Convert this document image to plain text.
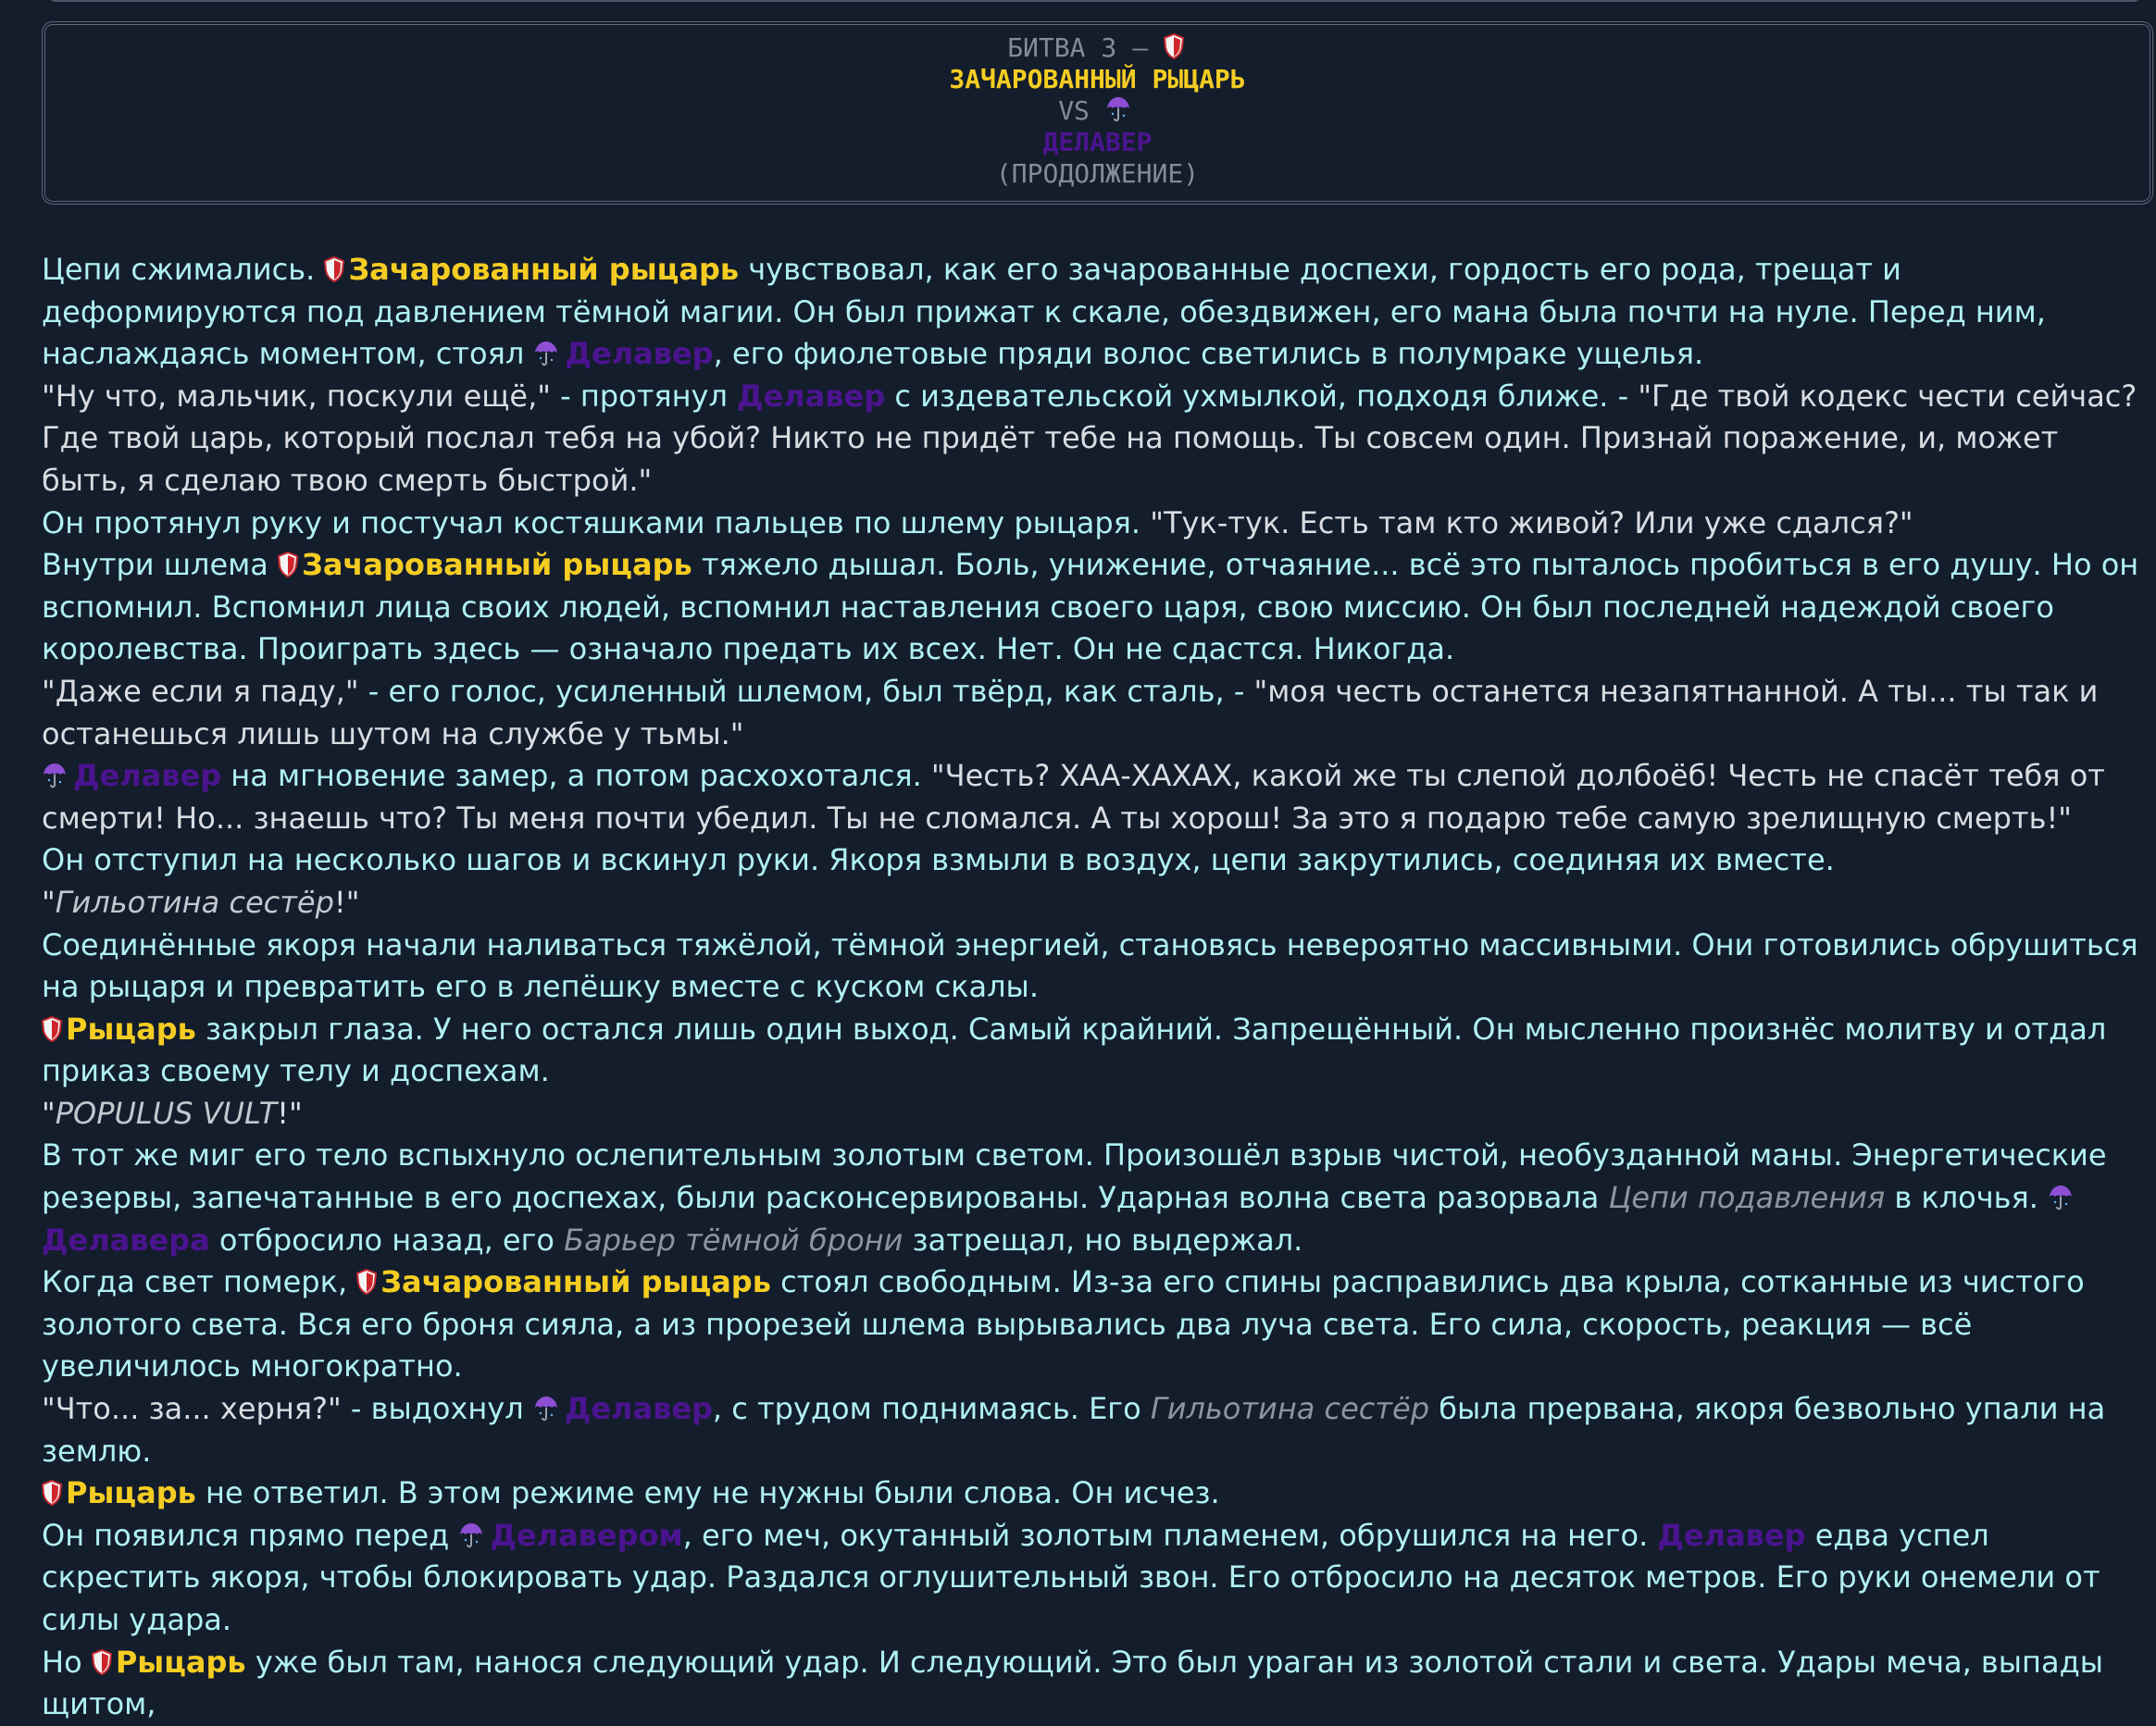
БИТВА 3 –
ЗАЧАРОВАННЫЙ РЫЦАРЬ
VS
ДЕЛАВЕР
(ПРОДОЛЖЕНИЕ)

Цепи сжимались. Зачарованный рыцарь чувствовал, как его зачарованные доспехи, гордость его рода, трещат и деформируются под давлением тёмной магии. Он был прижат к скале, обездвижен, его мана была почти на нуле. Перед ним, наслаждаясь моментом, стоял Делавер, его фиолетовые пряди волос светились в полумраке ущелья.

"Ну что, мальчик, поскули ещё," - протянул Делавер с издевательской ухмылкой, подходя ближе. - "Где твой кодекс чести сейчас? Где твой царь, который послал тебя на убой? Никто не придёт тебе на помощь. Ты совсем один. Признай поражение, и, может быть, я сделаю твою смерть быстрой."

Он протянул руку и постучал костяшками пальцев по шлему рыцаря. "Тук-тук. Есть там кто живой? Или уже сдался?"

Внутри шлема Зачарованный рыцарь тяжело дышал. Боль, унижение, отчаяние... всё это пыталось пробиться в его душу. Но он вспомнил. Вспомнил лица своих людей, вспомнил наставления своего царя, свою миссию. Он был последней надеждой своего королевства. Проиграть здесь — означало предать их всех. Нет. Он не сдастся. Никогда.

"Даже если я паду," - его голос, усиленный шлемом, был твёрд, как сталь, - "моя честь останется незапятнанной. А ты... ты так и останешься лишь шутом на службе у тьмы."

Делавер на мгновение замер, а потом расхохотался. "Честь? ХАА-ХАХАХ, какой же ты слепой долбоёб! Честь не спасёт тебя от смерти! Но... знаешь что? Ты меня почти убедил. Ты не сломался. А ты хорош! За это я подарю тебе самую зрелищную смерть!"

Он отступил на несколько шагов и вскинул руки. Якоря взмыли в воздух, цепи закрутились, соединяя их вместе.

"Гильотина сестёр!"

Соединённые якоря начали наливаться тяжёлой, тёмной энергией, становясь невероятно массивными. Они готовились обрушиться на рыцаря и превратить его в лепёшку вместе с куском скалы.

Рыцарь закрыл глаза. У него остался лишь один выход. Самый крайний. Запрещённый. Он мысленно произнёс молитву и отдал приказ своему телу и доспехам.

"POPULUS VULT!"

В тот же миг его тело вспыхнуло ослепительным золотым светом. Произошёл взрыв чистой, необузданной маны. Энергетические резервы, запечатанные в его доспехах, были расконсервированы. Ударная волна света разорвала Цепи подавления в клочья. Делавера отбросило назад, его Барьер тёмной брони затрещал, но выдержал.

Когда свет померк, Зачарованный рыцарь стоял свободным. Из-за его спины расправились два крыла, сотканные из чистого золотого света. Вся его броня сияла, а из прорезей шлема вырывались два луча света. Его сила, скорость, реакция — всё увеличилось многократно.

"Что... за... херня?" - выдохнул Делавер, с трудом поднимаясь. Его Гильотина сестёр была прервана, якоря безвольно упали на землю.

Рыцарь не ответил. В этом режиме ему не нужны были слова. Он исчез.

Он появился прямо перед Делавером, его меч, окутанный золотым пламенем, обрушился на него. Делавер едва успел скрестить якоря, чтобы блокировать удар. Раздался оглушительный звон. Его отбросило на десяток метров. Его руки онемели от силы удара.

Но Рыцарь уже был там, нанося следующий удар. И следующий. Это был ураган из золотой стали и света. Удары меча, выпады щитом,
